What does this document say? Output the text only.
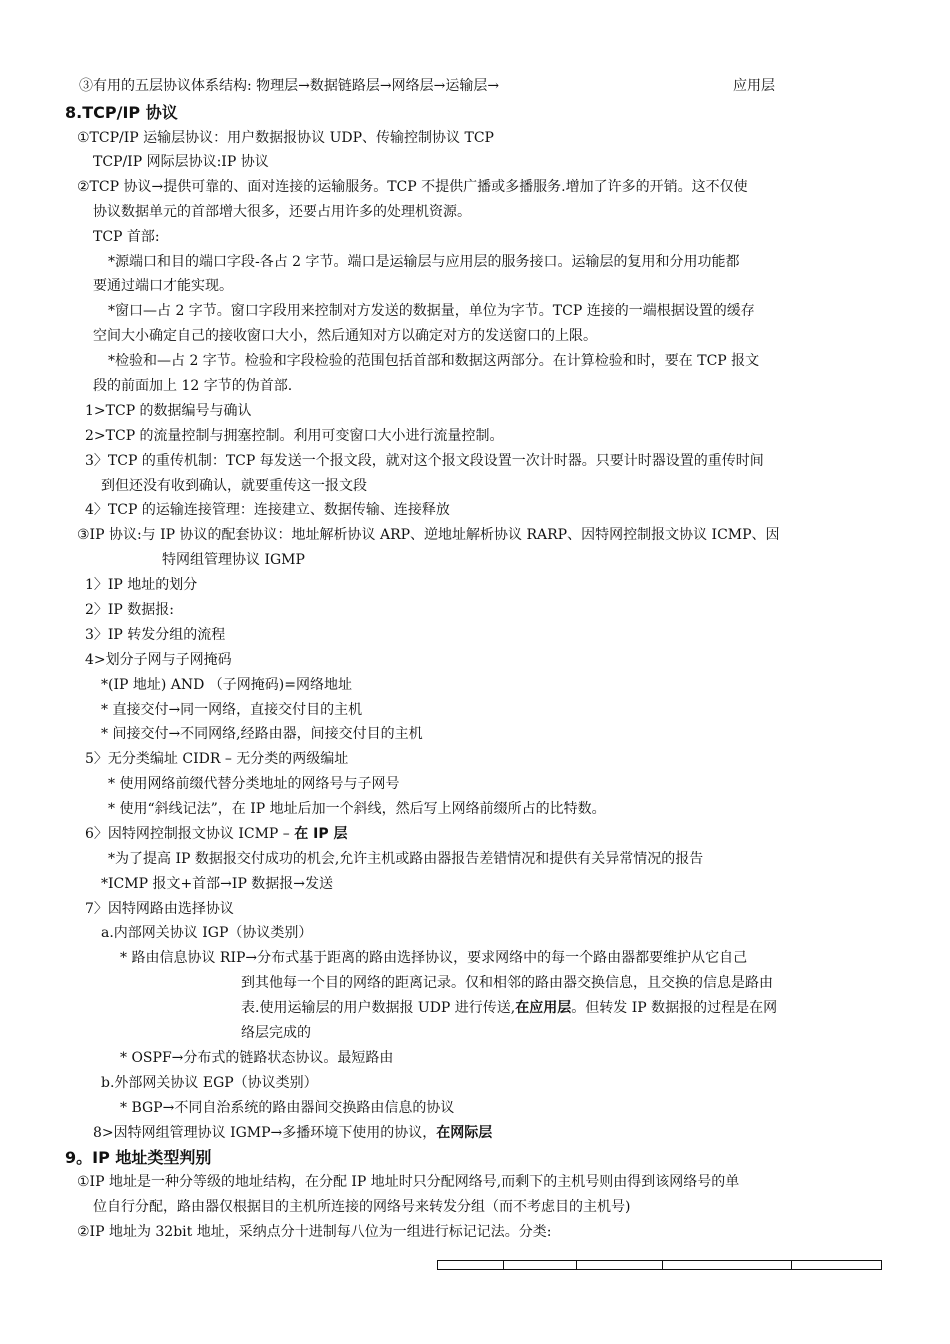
③有用的五层协议体系结构: 物理层→数据链路层→网络层→运输层→	应用层
8.TCP/IP 协议
①TCP/IP 运输层协议：用户数据报协议 UDP、传输控制协议 TCP
TCP/IP 网际层协议:IP 协议
②TCP 协议→提供可靠的、面对连接的运输服务。TCP 不提供广播或多播服务.增加了许多的开销。这不仅使
协议数据单元的首部增大很多，还要占用许多的处理机资源。
TCP 首部:
*源端口和目的端口字段-各占 2 字节。端口是运输层与应用层的服务接口。运输层的复用和分用功能都
要通过端口才能实现。
*窗口—占 2 字节。窗口字段用来控制对方发送的数据量，单位为字节。TCP 连接的一端根据设置的缓存
空间大小确定自己的接收窗口大小，然后通知对方以确定对方的发送窗口的上限。
*检验和—占 2 字节。检验和字段检验的范围包括首部和数据这两部分。在计算检验和时，要在 TCP 报文
段的前面加上 12 字节的伪首部.
1>TCP 的数据编号与确认
2>TCP 的流量控制与拥塞控制。利用可变窗口大小进行流量控制。
3〉TCP 的重传机制：TCP 每发送一个报文段，就对这个报文段设置一次计时器。只要计时器设置的重传时间
到但还没有收到确认，就要重传这一报文段
4〉TCP 的运输连接管理：连接建立、数据传输、连接释放
③IP 协议:与 IP 协议的配套协议：地址解析协议 ARP、逆地址解析协议 RARP、因特网控制报文协议 ICMP、因
特网组管理协议 IGMP
1〉IP 地址的划分
2〉IP 数据报:
3〉IP 转发分组的流程
4>划分子网与子网掩码
*(IP 地址) AND （子网掩码)=网络地址
* 直接交付→同一网络，直接交付目的主机
* 间接交付→不同网络,经路由器，间接交付目的主机
5〉无分类编址 CIDR – 无分类的两级编址
* 使用网络前缀代替分类地址的网络号与子网号
* 使用“斜线记法”，在 IP 地址后加一个斜线，然后写上网络前缀所占的比特数。
6〉因特网控制报文协议 ICMP – 在 IP 层
*为了提高 IP 数据报交付成功的机会,允许主机或路由器报告差错情况和提供有关异常情况的报告
*ICMP 报文+首部→IP 数据报→发送
7〉因特网路由选择协议
a.内部网关协议 IGP（协议类别）
* 路由信息协议 RIP→分布式基于距离的路由选择协议，要求网络中的每一个路由器都要维护从它自己
到其他每一个目的网络的距离记录。仅和相邻的路由器交换信息，且交换的信息是路由
表.使用运输层的用户数据报 UDP 进行传送,在应用层。但转发 IP 数据报的过程是在网
络层完成的
* OSPF→分布式的链路状态协议。最短路由
b.外部网关协议 EGP（协议类别）
* BGP→不同自治系统的路由器间交换路由信息的协议
8>因特网组管理协议 IGMP→多播环境下使用的协议，在网际层
9。IP 地址类型判别
①IP 地址是一种分等级的地址结构，在分配 IP 地址时只分配网络号,而剩下的主机号则由得到该网络号的单
位自行分配，路由器仅根据目的主机所连接的网络号来转发分组（而不考虑目的主机号)
②IP 地址为 32bit 地址，采纳点分十进制每八位为一组进行标记记法。分类:
